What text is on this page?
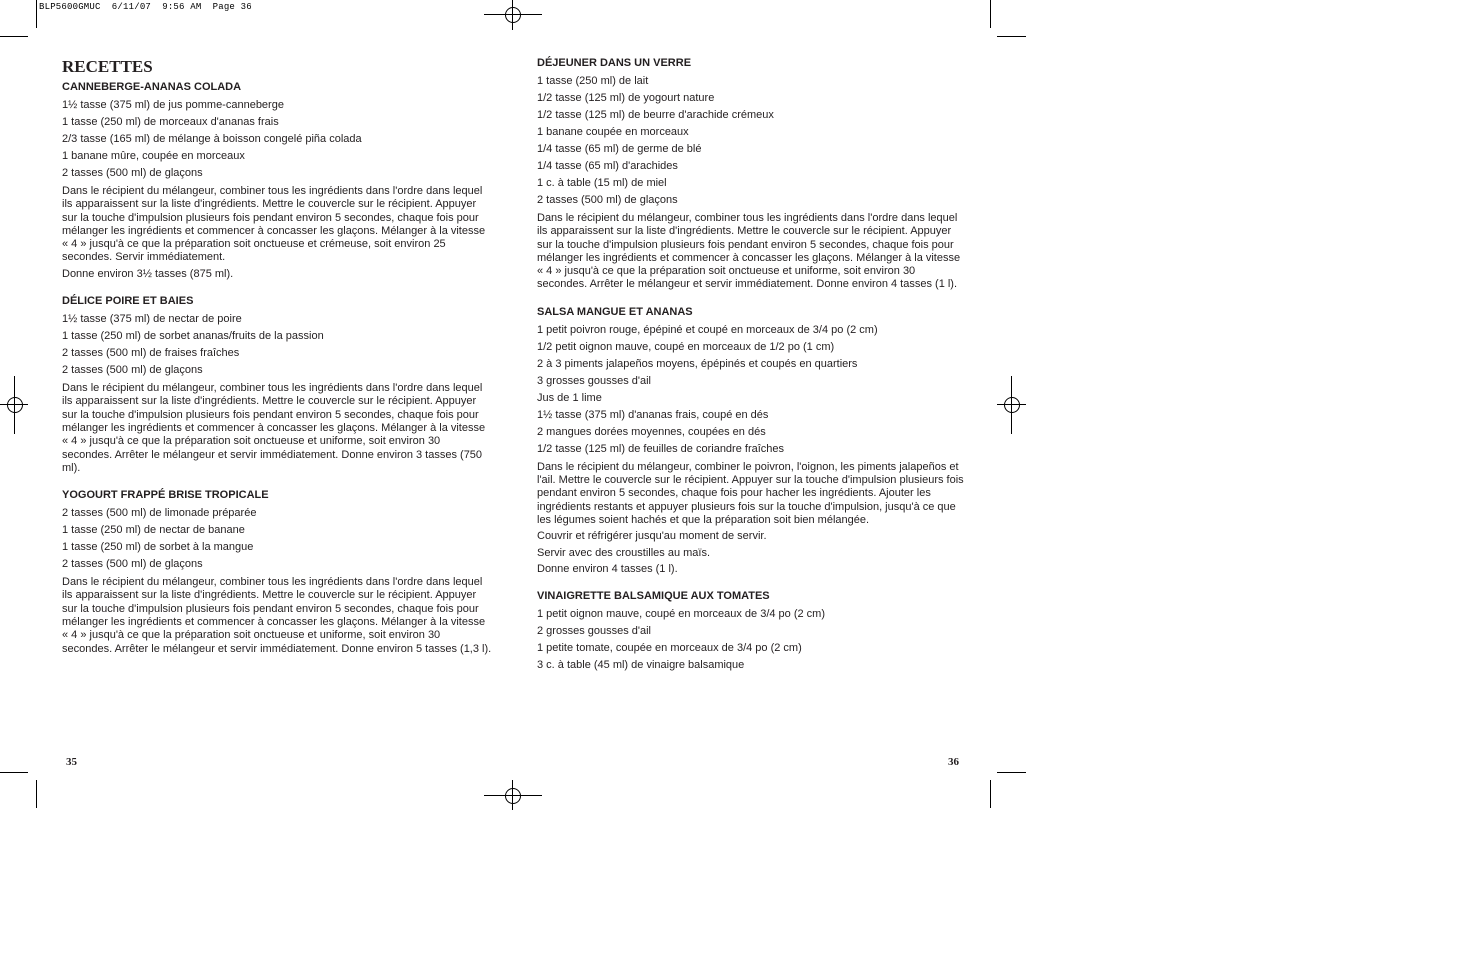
BLP5600GMUC  6/11/07  9:56 AM  Page 36
RECETTES
CANNEBERGE-ANANAS COLADA

1½ tasse (375 ml) de jus pomme-canneberge

1 tasse (250 ml) de morceaux d'ananas frais

2/3 tasse (165 ml) de mélange à boisson congelé piña colada

1 banane mûre, coupée en morceaux

2 tasses (500 ml) de glaçons

Dans le récipient du mélangeur, combiner tous les ingrédients dans l'ordre dans lequel ils apparaissent sur la liste d'ingrédients. Mettre le couvercle sur le récipient. Appuyer sur la touche d'impulsion plusieurs fois pendant environ 5 secondes, chaque fois pour mélanger les ingrédients et commencer à concasser les glaçons. Mélanger à la vitesse « 4 » jusqu'à ce que la préparation soit onctueuse et crémeuse, soit environ 25 secondes. Servir immédiatement.

Donne environ 3½ tasses (875 ml).

DÉLICE POIRE ET BAIES

1½ tasse (375 ml) de nectar de poire

1 tasse (250 ml) de sorbet ananas/fruits de la passion

2 tasses (500 ml) de fraises fraîches

2 tasses (500 ml) de glaçons

Dans le récipient du mélangeur, combiner tous les ingrédients dans l'ordre dans lequel ils apparaissent sur la liste d'ingrédients. Mettre le couvercle sur le récipient. Appuyer sur la touche d'impulsion plusieurs fois pendant environ 5 secondes, chaque fois pour mélanger les ingrédients et commencer à concasser les glaçons. Mélanger à la vitesse « 4 » jusqu'à ce que la préparation soit onctueuse et uniforme, soit environ 30 secondes. Arrêter le mélangeur et servir immédiatement. Donne environ 3 tasses (750 ml).

YOGOURT FRAPPÉ BRISE TROPICALE

2 tasses (500 ml) de limonade préparée

1 tasse (250 ml) de nectar de banane

1 tasse (250 ml) de sorbet à la mangue

2 tasses (500 ml) de glaçons

Dans le récipient du mélangeur, combiner tous les ingrédients dans l'ordre dans lequel ils apparaissent sur la liste d'ingrédients. Mettre le couvercle sur le récipient. Appuyer sur la touche d'impulsion plusieurs fois pendant environ 5 secondes, chaque fois pour mélanger les ingrédients et commencer à concasser les glaçons. Mélanger à la vitesse « 4 » jusqu'à ce que la préparation soit onctueuse et uniforme, soit environ 30 secondes. Arrêter le mélangeur et servir immédiatement. Donne environ 5 tasses (1,3 l).

DÉJEUNER DANS UN VERRE

1 tasse (250 ml) de lait

1/2 tasse (125 ml) de yogourt nature

1/2 tasse (125 ml) de beurre d'arachide crémeux

1 banane coupée en morceaux

1/4 tasse (65 ml) de germe de blé

1/4 tasse (65 ml) d'arachides

1 c. à table (15 ml) de miel

2 tasses (500 ml) de glaçons

Dans le récipient du mélangeur, combiner tous les ingrédients dans l'ordre dans lequel ils apparaissent sur la liste d'ingrédients. Mettre le couvercle sur le récipient. Appuyer sur la touche d'impulsion plusieurs fois pendant environ 5 secondes, chaque fois pour mélanger les ingrédients et commencer à concasser les glaçons. Mélanger à la vitesse « 4 » jusqu'à ce que la préparation soit onctueuse et uniforme, soit environ 30 secondes. Arrêter le mélangeur et servir immédiatement. Donne environ 4 tasses (1 l).

SALSA MANGUE ET ANANAS

1 petit poivron rouge, épépiné et coupé en morceaux de 3/4 po (2 cm)

1/2 petit oignon mauve, coupé en morceaux de 1/2 po (1 cm)

2 à 3 piments jalapeños moyens, épépinés et coupés en quartiers

3 grosses gousses d'ail

Jus de 1 lime

1½ tasse (375 ml) d'ananas frais, coupé en dés

2 mangues dorées moyennes, coupées en dés

1/2 tasse (125 ml) de feuilles de coriandre fraîches

Dans le récipient du mélangeur, combiner le poivron, l'oignon, les piments jalapeños et l'ail. Mettre le couvercle sur le récipient. Appuyer sur la touche d'impulsion plusieurs fois pendant environ 5 secondes, chaque fois pour hacher les ingrédients. Ajouter les ingrédients restants et appuyer plusieurs fois sur la touche d'impulsion, jusqu'à ce que les légumes soient hachés et que la préparation soit bien mélangée.

Couvrir et réfrigérer jusqu'au moment de servir.

Servir avec des croustilles au maïs.

Donne environ 4 tasses (1 l).

VINAIGRETTE BALSAMIQUE AUX TOMATES

1 petit oignon mauve, coupé en morceaux de 3/4 po (2 cm)

2 grosses gousses d'ail

1 petite tomate, coupée en morceaux de 3/4 po (2 cm)

3 c. à table (45 ml) de vinaigre balsamique

35	36
